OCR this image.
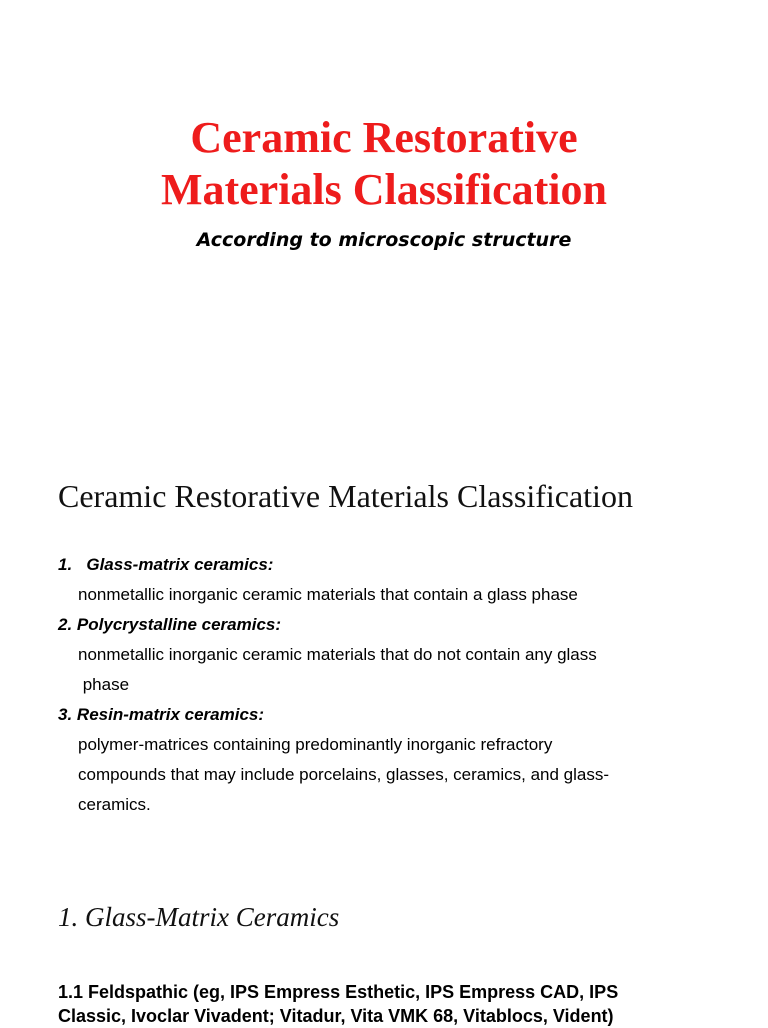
Ceramic Restorative
Materials Classification
According to microscopic structure
Ceramic Restorative Materials Classification
1. Glass-matrix ceramics:
nonmetallic inorganic ceramic materials that contain a glass phase
2. Polycrystalline ceramics:
nonmetallic inorganic ceramic materials that do not contain any glass
phase
3. Resin-matrix ceramics:
polymer-matrices containing predominantly inorganic refractory
compounds that may include porcelains, glasses, ceramics, and glass-
ceramics.
1. Glass-Matrix Ceramics
1.1 Feldspathic (eg, IPS Empress Esthetic, IPS Empress CAD, IPS
Classic, Ivoclar Vivadent; Vitadur, Vita VMK 68, Vitablocs, Vident)
